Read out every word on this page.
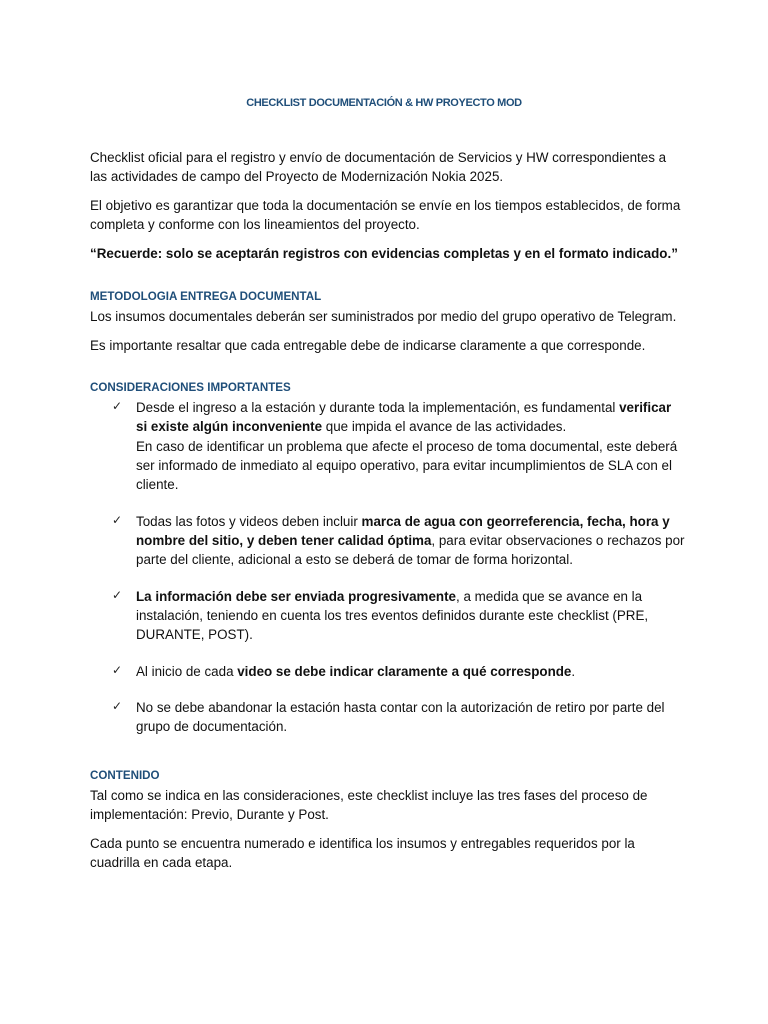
CHECKLIST DOCUMENTACIÓN & HW PROYECTO MOD

Checklist oficial para el registro y envío de documentación de Servicios y HW correspondientes a las actividades de campo del Proyecto de Modernización Nokia 2025.

El objetivo es garantizar que toda la documentación se envíe en los tiempos establecidos, de forma completa y conforme con los lineamientos del proyecto.

“Recuerde: solo se aceptarán registros con evidencias completas y en el formato indicado.”

METODOLOGIA ENTREGA DOCUMENTAL

Los insumos documentales deberán ser suministrados por medio del grupo operativo de Telegram.

Es importante resaltar que cada entregable debe de indicarse claramente a que corresponde.

CONSIDERACIONES IMPORTANTES
✓ Desde el ingreso a la estación y durante toda la implementación, es fundamental verificar si existe algún inconveniente que impida el avance de las actividades.
En caso de identificar un problema que afecte el proceso de toma documental, este deberá ser informado de inmediato al equipo operativo, para evitar incumplimientos de SLA con el cliente.
✓ Todas las fotos y videos deben incluir marca de agua con georreferencia, fecha, hora y nombre del sitio, y deben tener calidad óptima, para evitar observaciones o rechazos por parte del cliente, adicional a esto se deberá de tomar de forma horizontal.
✓ La información debe ser enviada progresivamente, a medida que se avance en la instalación, teniendo en cuenta los tres eventos definidos durante este checklist (PRE, DURANTE, POST).
✓ Al inicio de cada video se debe indicar claramente a qué corresponde.
✓ No se debe abandonar la estación hasta contar con la autorización de retiro por parte del grupo de documentación.
CONTENIDO

Tal como se indica en las consideraciones, este checklist incluye las tres fases del proceso de implementación: Previo, Durante y Post.

Cada punto se encuentra numerado e identifica los insumos y entregables requeridos por la cuadrilla en cada etapa.
